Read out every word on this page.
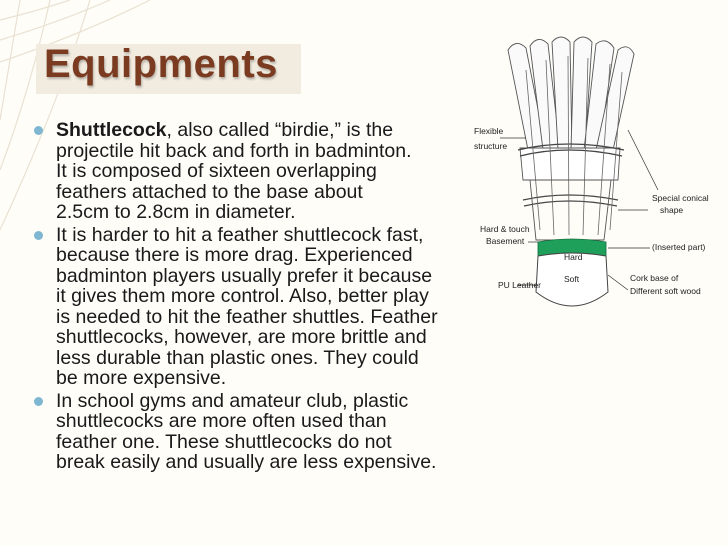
Equipments
Shuttlecock, also called “birdie,” is the
projectile hit back and forth in badminton.
It is composed of sixteen overlapping
feathers attached to the base about
2.5cm to 2.8cm in diameter.
It is harder to hit a feather shuttlecock fast,
because there is more drag. Experienced
badminton players usually prefer it because
it gives them more control. Also, better play
is needed to hit the feather shuttles. Feather
shuttlecocks, however, are more brittle and
less durable than plastic ones. They could
be more expensive.
In school gyms and amateur club, plastic
shuttlecocks are more often used than
feather one. These shuttlecocks do not
break easily and usually are less expensive.
Flexible
structure
Special conical
shape
Hard & touch
Basement
(Inserted part)
Hard
PU Leather
Soft	Cork base of
Different soft wood
